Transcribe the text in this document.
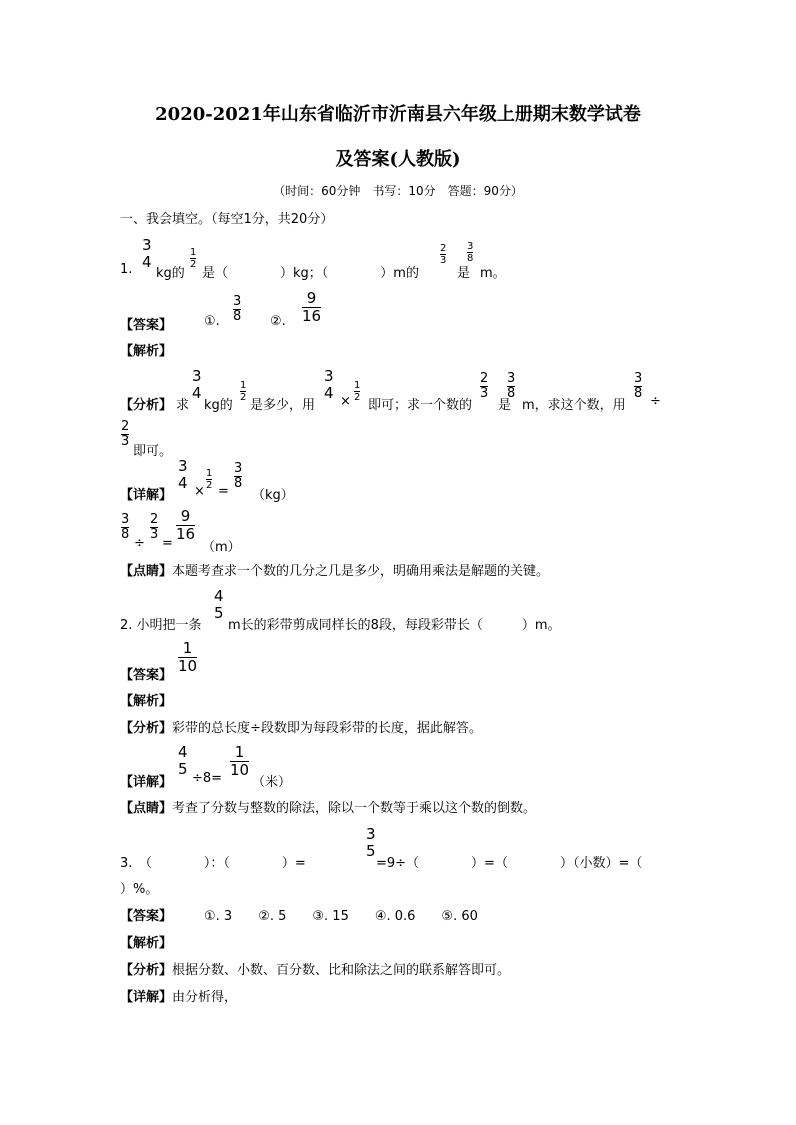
2020-2021年山东省临沂市沂南县六年级上册期末数学试卷
及答案(人教版)
（时间：60分钟　书写：10分　答题：90分）
一、我会填空。（每空1分，共20分）
3
4	$\frac{1}{2}$	$\frac{2}{3} \frac{3}{8}$
1. kg的 是（　　　　）kg；（　　　　）m的	是 m。
【答案】 ①.	②.
$\frac{3}{8}$	$\frac{9}{16}$
【解析】
【分析】 求 kg的 是多少，用 × 即可；求一个数的 是 m，求这个数，用 ÷
3
4	$\frac{1}{2}$
3
$4 \frac{1}{2}$	$\frac{2}{3} \frac{3}{8}$	$\frac{3}{8}$
$\frac{2}{3}$
即可。
【详解】 × = （kg）
3
$4 \frac{1}{2} \frac{3}{8}$
$\frac{3}{8} \frac{2}{3} \frac{9}{16}$
÷ = （m）
【点睛】本题考查求一个数的几分之几是多少，明确用乘法是解题的关键。
4
5
2. 小明把一条 m长的彩带剪成同样长的8段，每段彩带长（　　　）m。
$\frac{1}{10}$
【答案】
【解析】
【分析】彩带的总长度÷段数即为每段彩带的长度，据此解答。
4
5	$\frac{1}{10}$
【详解】 ÷8= （米）
【点睛】考查了分数与整数的除法，除以一个数等于乘以这个数的倒数。
3
5
3.　（　　　　）：（　　　　）=	=9÷（　　　　）=（　　　　）（小数）=（
）%。
【答案】 ①. 3　　②. 5　　③. 15　　④. 0.6　　⑤. 60
【解析】
【分析】根据分数、小数、百分数、比和除法之间的联系解答即可。
【详解】由分析得，
